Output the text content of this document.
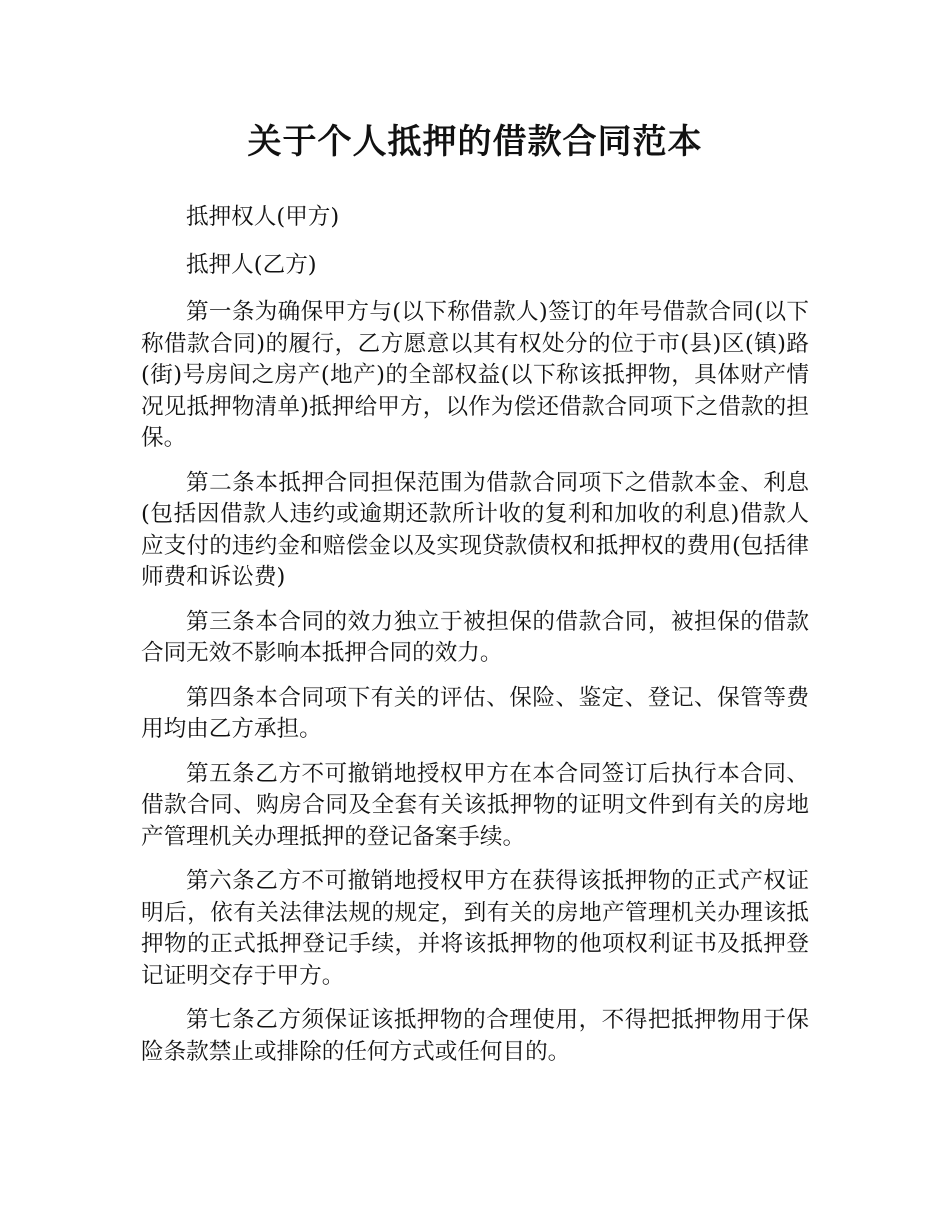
关于个人抵押的借款合同范本

抵押权人(甲方)

抵押人(乙方)

第一条为确保甲方与(以下称借款人)签订的年号借款合同(以下称借款合同)的履行，乙方愿意以其有权处分的位于市(县)区(镇)路(街)号房间之房产(地产)的全部权益(以下称该抵押物，具体财产情况见抵押物清单)抵押给甲方，以作为偿还借款合同项下之借款的担保。

第二条本抵押合同担保范围为借款合同项下之借款本金、利息(包括因借款人违约或逾期还款所计收的复利和加收的利息)借款人应支付的违约金和赔偿金以及实现贷款债权和抵押权的费用(包括律师费和诉讼费)

第三条本合同的效力独立于被担保的借款合同，被担保的借款合同无效不影响本抵押合同的效力。

第四条本合同项下有关的评估、保险、鉴定、登记、保管等费用均由乙方承担。

第五条乙方不可撤销地授权甲方在本合同签订后执行本合同、借款合同、购房合同及全套有关该抵押物的证明文件到有关的房地产管理机关办理抵押的登记备案手续。

第六条乙方不可撤销地授权甲方在获得该抵押物的正式产权证明后，依有关法律法规的规定，到有关的房地产管理机关办理该抵押物的正式抵押登记手续，并将该抵押物的他项权利证书及抵押登记证明交存于甲方。

第七条乙方须保证该抵押物的合理使用，不得把抵押物用于保险条款禁止或排除的任何方式或任何目的。
